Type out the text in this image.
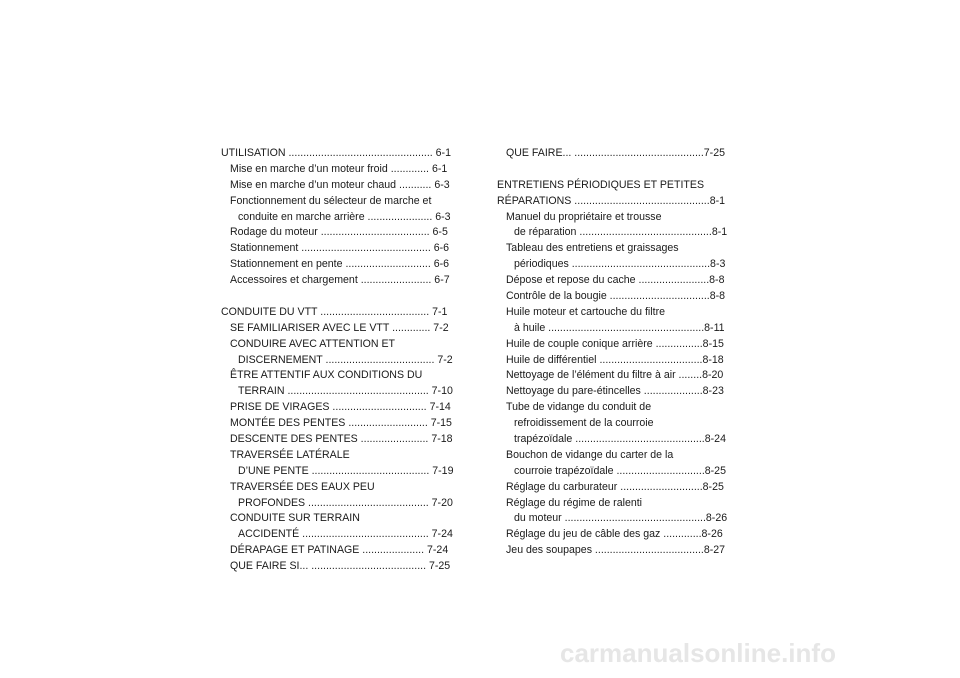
UTILISATION ................................................. 6-1
Mise en marche d’un moteur froid ............. 6-1
Mise en marche d’un moteur chaud ........... 6-3
Fonctionnement du sélecteur de marche et
conduite en marche arrière ...................... 6-3
Rodage du moteur ..................................... 6-5
Stationnement ............................................ 6-6
Stationnement en pente ............................. 6-6
Accessoires et chargement ........................ 6-7
CONDUITE DU VTT ..................................... 7-1
SE FAMILIARISER AVEC LE VTT ............. 7-2
CONDUIRE AVEC ATTENTION ET
DISCERNEMENT ..................................... 7-2
ÊTRE ATTENTIF AUX CONDITIONS DU
TERRAIN ................................................ 7-10
PRISE DE VIRAGES ................................ 7-14
MONTÉE DES PENTES ........................... 7-15
DESCENTE DES PENTES ....................... 7-18
TRAVERSÉE LATÉRALE
D’UNE PENTE ........................................ 7-19
TRAVERSÉE DES EAUX PEU
PROFONDES ......................................... 7-20
CONDUITE SUR TERRAIN
ACCIDENTÉ ........................................... 7-24
DÉRAPAGE ET PATINAGE ..................... 7-24
QUE FAIRE SI... ....................................... 7-25
QUE FAIRE... ............................................7-25
ENTRETIENS PÉRIODIQUES ET PETITES
RÉPARATIONS ..............................................8-1
Manuel du propriétaire et trousse
de réparation .............................................8-1
Tableau des entretiens et graissages
périodiques ...............................................8-3
Dépose et repose du cache ........................8-8
Contrôle de la bougie ..................................8-8
Huile moteur et cartouche du filtre
à huile .....................................................8-11
Huile de couple conique arrière ................8-15
Huile de différentiel ...................................8-18
Nettoyage de l’élément du filtre à air ........8-20
Nettoyage du pare-étincelles ....................8-23
Tube de vidange du conduit de
refroidissement de la courroie
trapézoïdale ............................................8-24
Bouchon de vidange du carter de la
courroie trapézoïdale ..............................8-25
Réglage du carburateur ............................8-25
Réglage du régime de ralenti
du moteur ................................................8-26
Réglage du jeu de câble des gaz .............8-26
Jeu des soupapes .....................................8-27
carmanualsonline.info
